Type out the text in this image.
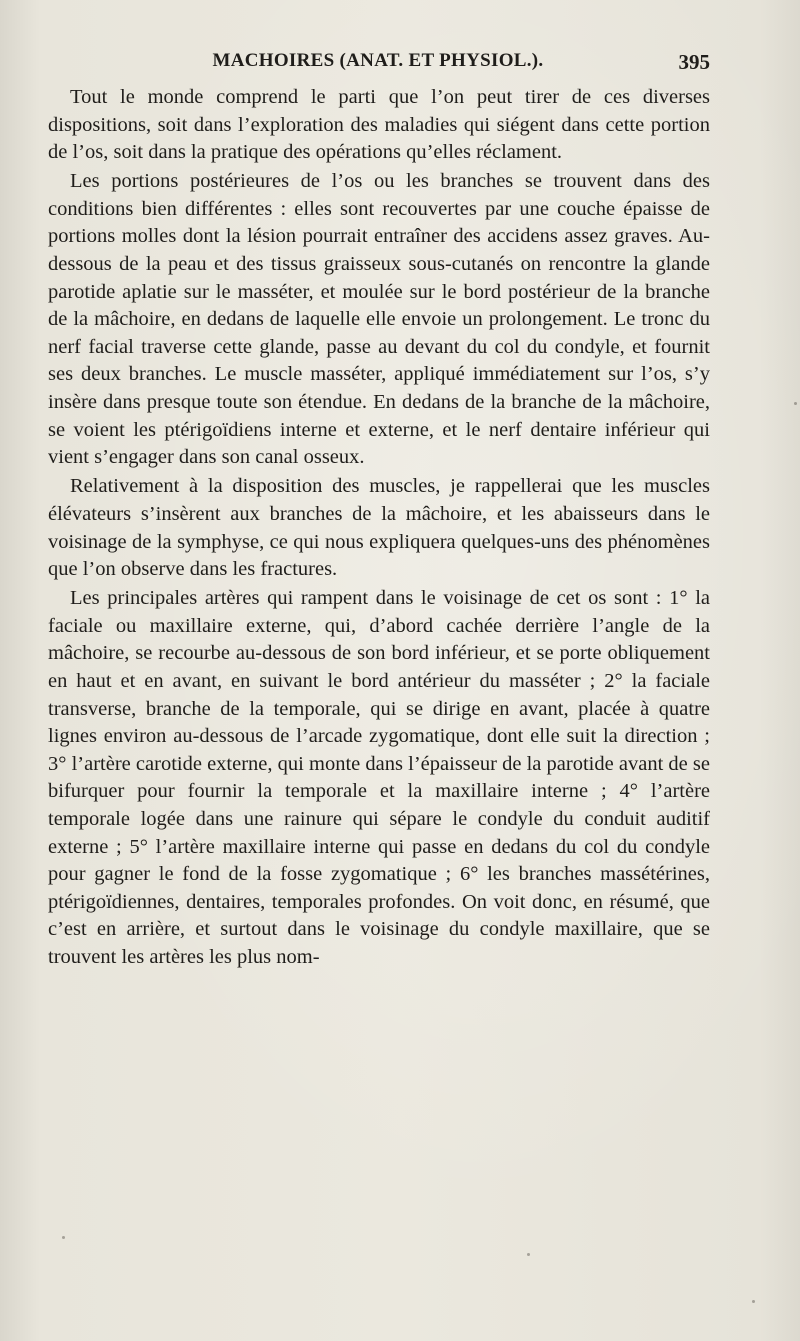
MACHOIRES (ANAT. ET PHYSIOL.).	395

Tout le monde comprend le parti que l’on peut tirer de ces diverses dispositions, soit dans l’exploration des maladies qui siégent dans cette portion de l’os, soit dans la pratique des opérations qu’elles réclament.

Les portions postérieures de l’os ou les branches se trouvent dans des conditions bien différentes : elles sont recouvertes par une couche épaisse de portions molles dont la lésion pourrait entraîner des accidens assez graves. Au-dessous de la peau et des tissus graisseux sous-cutanés on rencontre la glande parotide aplatie sur le masséter, et moulée sur le bord postérieur de la branche de la mâchoire, en dedans de laquelle elle envoie un prolongement. Le tronc du nerf facial traverse cette glande, passe au devant du col du condyle, et fournit ses deux branches. Le muscle masséter, appliqué immédiatement sur l’os, s’y insère dans presque toute son étendue. En dedans de la branche de la mâchoire, se voient les ptérigoïdiens interne et externe, et le nerf dentaire inférieur qui vient s’engager dans son canal osseux.

Relativement à la disposition des muscles, je rappellerai que les muscles élévateurs s’insèrent aux branches de la mâchoire, et les abaisseurs dans le voisinage de la symphyse, ce qui nous expliquera quelques-uns des phénomènes que l’on observe dans les fractures.

Les principales artères qui rampent dans le voisinage de cet os sont : 1° la faciale ou maxillaire externe, qui, d’abord cachée derrière l’angle de la mâchoire, se recourbe au-dessous de son bord inférieur, et se porte obliquement en haut et en avant, en suivant le bord antérieur du masséter ; 2° la faciale transverse, branche de la temporale, qui se dirige en avant, placée à quatre lignes environ au-dessous de l’arcade zygomatique, dont elle suit la direction ; 3° l’artère carotide externe, qui monte dans l’épaisseur de la parotide avant de se bifurquer pour fournir la temporale et la maxillaire interne ; 4° l’artère temporale logée dans une rainure qui sépare le condyle du conduit auditif externe ; 5° l’artère maxillaire interne qui passe en dedans du col du condyle pour gagner le fond de la fosse zygomatique ; 6° les branches massétérines, ptérigoïdiennes, dentaires, temporales profondes. On voit donc, en résumé, que c’est en arrière, et surtout dans le voisinage du condyle maxillaire, que se trouvent les artères les plus nom-
